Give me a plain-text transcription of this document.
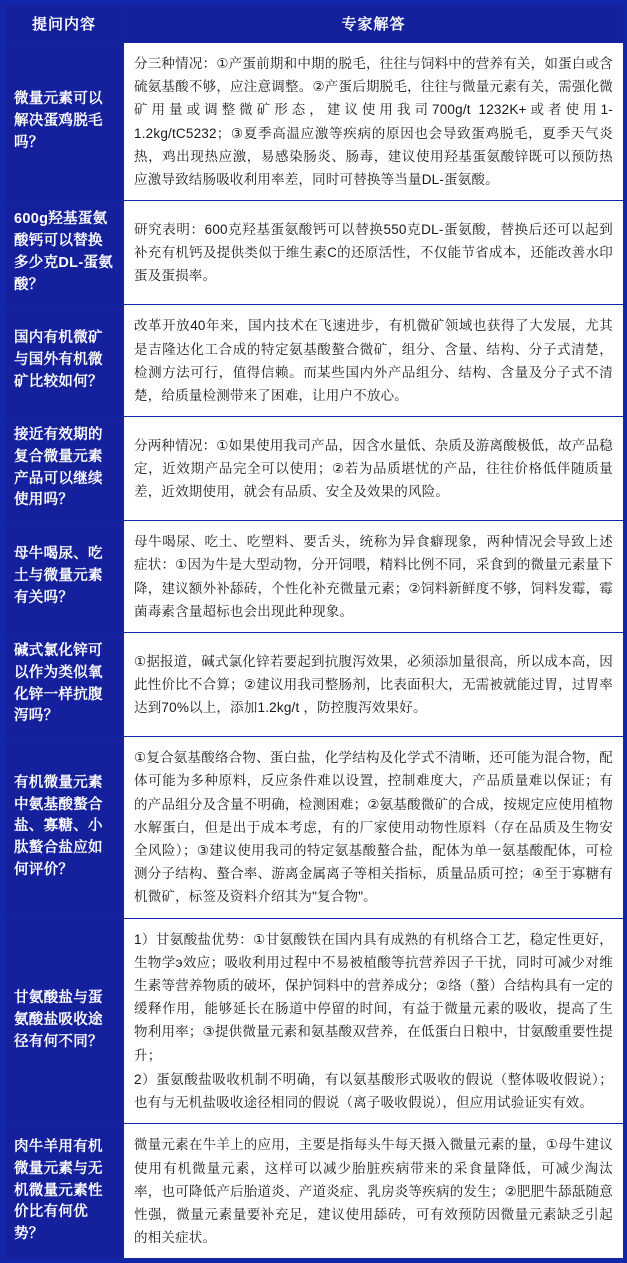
提问内容	专家解答
微量元素可以解决蛋鸡脱毛吗？	分三种情况：①产蛋前期和中期的脱毛，往往与饲料中的营养有关，如蛋白或含硫氨基酸不够，应注意调整。②产蛋后期脱毛，往往与微量元素有关，需强化微矿用量或调整微矿形态，建议使用我司700g/t 1232K+或者使用1-1.2kg/tC5232；③夏季高温应激等疾病的原因也会导致蛋鸡脱毛，夏季天气炎热，鸡出现热应激，易感染肠炎、肠毒，建议使用羟基蛋氨酸锌既可以预防热应激导致结肠吸收利用率差，同时可替换等当量DL-蛋氨酸。

600g羟基蛋氨酸钙可以替换多少克DL-蛋氨酸？	研究表明：600克羟基蛋氨酸钙可以替换550克DL-蛋氨酸，替换后还可以起到补充有机钙及提供类似于维生素C的还原活性，不仅能节省成本，还能改善水印蛋及蛋损率。

国内有机微矿与国外有机微矿比较如何？	改革开放40年来，国内技术在飞速进步，有机微矿领域也获得了大发展，尤其是吉隆达化工合成的特定氨基酸螯合微矿，组分、含量、结构、分子式清楚，检测方法可行，值得信赖。而某些国内外产品组分、结构、含量及分子式不清楚，给质量检测带来了困难，让用户不放心。

接近有效期的复合微量元素产品可以继续使用吗？	分两种情况：①如果使用我司产品，因含水量低、杂质及游离酸极低，故产品稳定，近效期产品完全可以使用；②若为品质堪忧的产品，往往价格低伴随质量差，近效期使用，就会有品质、安全及效果的风险。

母牛喝尿、吃土与微量元素有关吗？	母牛喝尿、吃土、吃塑料、要舌头，统称为异食癖现象，两种情况会导致上述症状：①因为牛是大型动物，分开饲喂，精料比例不同，采食到的微量元素量下降，建议额外补舔砖，个性化补充微量元素；②饲料新鲜度不够，饲料发霉，霉菌毒素含量超标也会出现此种现象。

碱式氯化锌可以作为类似氧化锌一样抗腹泻吗？	①据报道，碱式氯化锌若要起到抗腹泻效果，必须添加量很高，所以成本高，因此性价比不合算；②建议用我司整肠剂，比表面积大，无需被就能过胃，过胃率达到70%以上，添加1.2kg/t ，防控腹泻效果好。

有机微量元素中氨基酸螯合盐、寡糖、小肽螯合盐应如何评价？	①复合氨基酸络合物、蛋白盐，化学结构及化学式不清晰，还可能为混合物，配体可能为多种原料，反应条件难以设置，控制难度大，产品质量难以保证；有的产品组分及含量不明确，检测困难；②氨基酸微矿的合成，按规定应使用植物水解蛋白，但是出于成本考虑，有的厂家使用动物性原料（存在品质及生物安全风险）；③建议使用我司的特定氨基酸螯合盐，配体为单一氨基酸配体，可检测分子结构、螯合率、游离金属离子等相关指标，质量品质可控；④至于寡糖有机微矿，标签及资料介绍其为"复合物"。

甘氨酸盐与蛋氨酸盐吸收途径有何不同？	1）甘氨酸盐优势：①甘氨酸铁在国内具有成熟的有机络合工艺，稳定性更好，生物学э效应；吸收利用过程中不易被植酸等抗营养因子干扰，同时可减少对维生素等营养物质的破坏，保护饲料中的营养成分；②络（螯）合结构具有一定的缓释作用，能够延长在肠道中停留的时间，有益于微量元素的吸收，提高了生物利用率；③提供微量元素和氨基酸双营养，在低蛋白日粮中，甘氨酸重要性提升；

2）蛋氨酸盐吸收机制不明确，有以氨基酸形式吸收的假说（整体吸收假说）；也有与无机盐吸收途径相同的假说（离子吸收假说），但应用试验证实有效。

肉牛羊用有机微量元素与无机微量元素性价比有何优势？	微量元素在牛羊上的应用，主要是指每头牛每天摄入微量元素的量，①母牛建议使用有机微量元素，这样可以减少胎脏疾病带来的采食量降低，可减少淘汰率，也可降低产后胎道炎、产道炎症、乳房炎等疾病的发生；②肥肥牛舔舐随意性强，微量元素量要补充足，建议使用舔砖，可有效预防因微量元素缺乏引起的相关症状。
